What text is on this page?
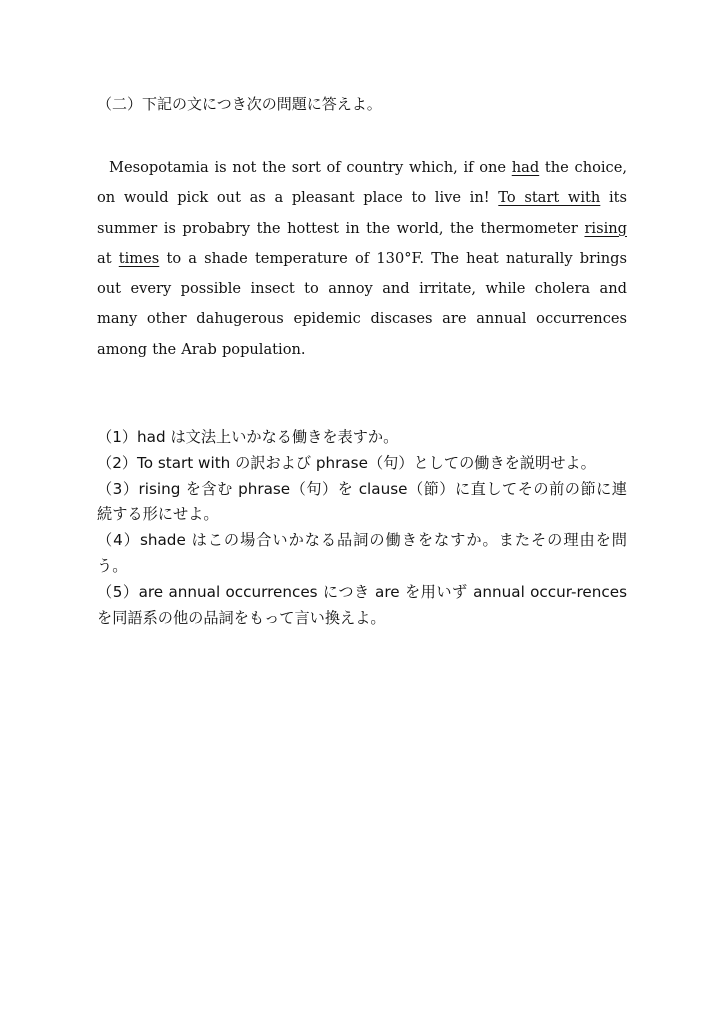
（二）下記の文につき次の問題に答えよ。
Mesopotamia is not the sort of country which, if one had the choice, on would pick out as a pleasant place to live in! To start with its summer is probabry the hottest in the world, the thermometer rising at times to a shade temperature of 130°F. The heat naturally brings out every possible insect to annoy and irritate, while cholera and many other dahugerous epidemic discases are annual occurrences among the Arab population.

（1）had は文法上いかなる働きを表すか。

（2）To start with の訳および phrase（句）としての働きを説明せよ。

（3）rising を含む phrase（句）を clause（節）に直してその前の節に連続する形にせよ。

（4）shade はこの場合いかなる品詞の働きをなすか。またその理由を問う。

（5）are annual occurrences につき are を用いず annual occur-rences を同語系の他の品詞をもって言い換えよ。
